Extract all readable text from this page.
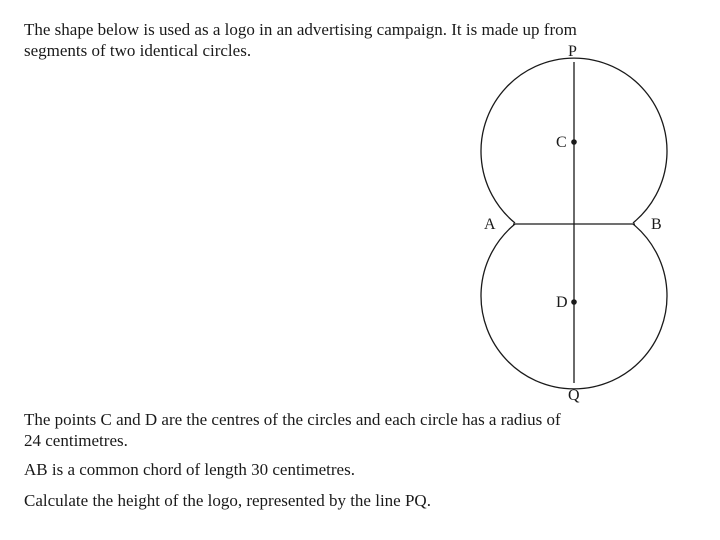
The shape below is used as a logo in an advertising campaign. It is made up from
segments of two identical circles.	P
Q
C
D
A	B
The points C and D are the centres of the circles and each circle has a radius of
24 centimetres.

AB is a common chord of length 30 centimetres.

Calculate the height of the logo, represented by the line PQ.
